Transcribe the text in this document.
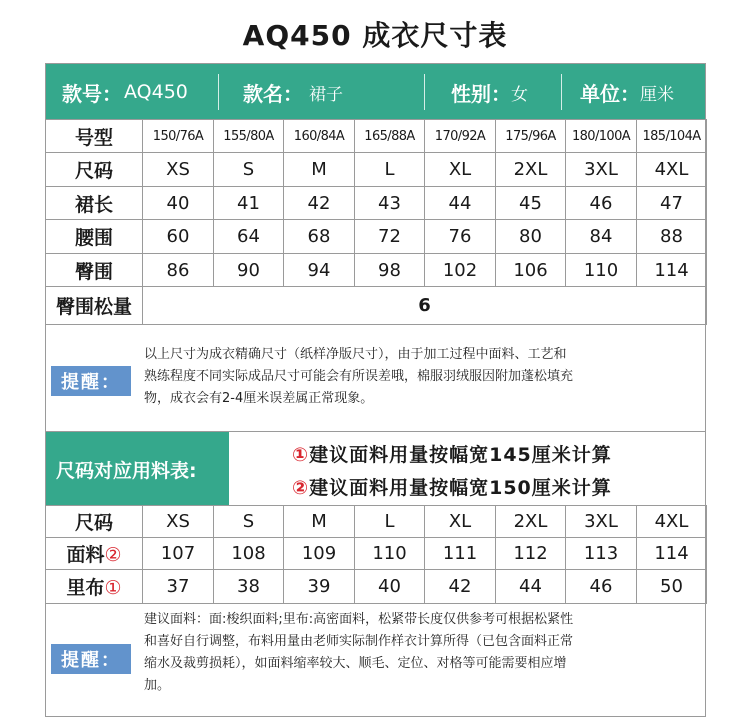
AQ450 成衣尺寸表
款号： AQ450	款名： 裙子	性别： 女	单位： 厘米
号型	150/76A	155/80A	160/84A	165/88A	170/92A	175/96A	180/100A	185/104A
尺码	XS	S	M	L	XL	2XL	3XL	4XL
裙长	40	41	42	43	44	45	46	47
腰围	60	64	68	72	76	80	84	88
臀围	86	90	94	98	102	106	110	114
臀围松量	6							
提醒：
以上尺寸为成衣精确尺寸（纸样净版尺寸），由于加工过程中面料、工艺和
熟练程度不同实际成品尺寸可能会有所误差哦，棉服羽绒服因附加蓬松填充
物，成衣会有2-4厘米误差属正常现象。
尺码对应用料表:
①建议面料用量按幅宽145厘米计算
②建议面料用量按幅宽150厘米计算
尺码	XS	S	M	L	XL	2XL	3XL	4XL
面料②	107	108	109	110	111	112	113	114
里布①	37	38	39	40	42	44	46	50
提醒：
建议面料：面:梭织面料;里布:高密面料，松紧带长度仅供参考可根据松紧性
和喜好自行调整，布料用量由老师实际制作样衣计算所得（已包含面料正常
缩水及裁剪损耗），如面料缩率较大、顺毛、定位、对格等可能需要相应增
加。
